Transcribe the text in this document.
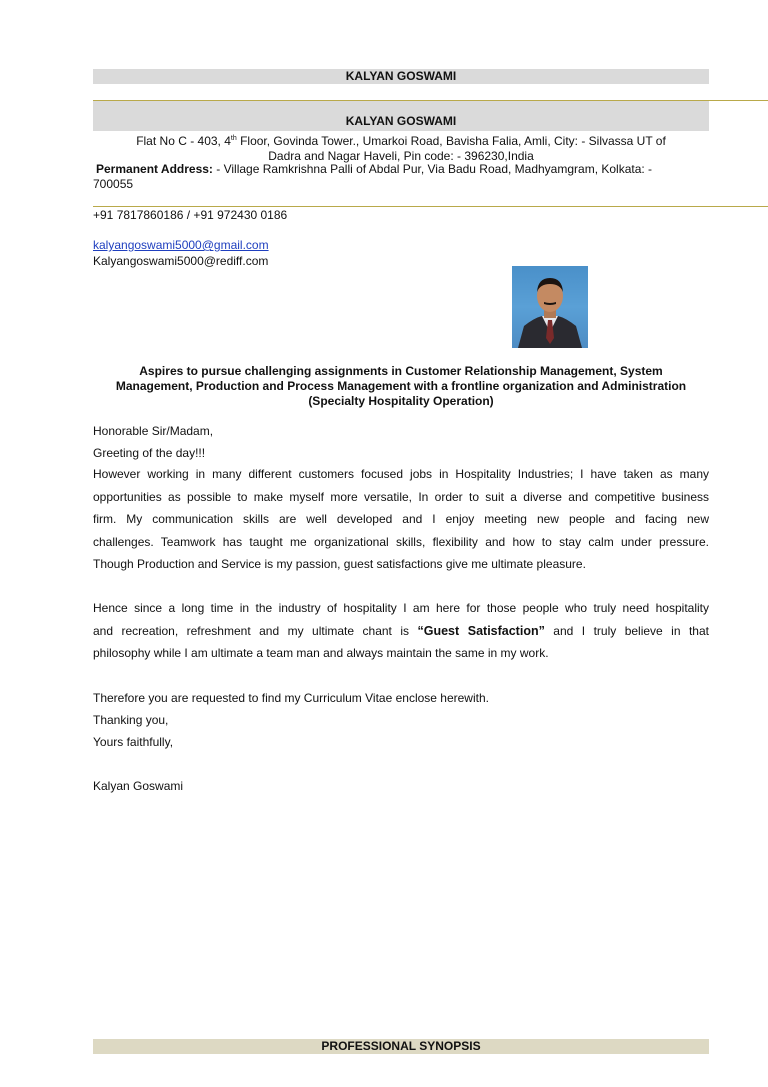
KALYAN GOSWAMI
KALYAN GOSWAMI
Flat No C - 403, 4th Floor, Govinda Tower., Umarkoi Road, Bavisha Falia, Amli, City: - Silvassa UT of
Dadra and Nagar Haveli, Pin code: - 396230,India
Permanent Address: - Village Ramkrishna Palli of Abdal Pur, Via Badu Road, Madhyamgram, Kolkata: -
700055
+91 7817860186 / +91 972430 0186
kalyangoswami5000@gmail.com
Kalyangoswami5000@rediff.com
Aspires to pursue challenging assignments in Customer Relationship Management, System
Management, Production and Process Management with a frontline organization and Administration
(Specialty Hospitality Operation)
Honorable Sir/Madam,
Greeting of the day!!!
However working in many different customers focused jobs in Hospitality Industries; I have taken as many
opportunities as possible to make myself more versatile, In order to suit a diverse and competitive business
firm. My communication skills are well developed and I enjoy meeting new people and facing new
challenges. Teamwork has taught me organizational skills, flexibility and how to stay calm under pressure.
Though Production and Service is my passion, guest satisfactions give me ultimate pleasure.
Hence since a long time in the industry of hospitality I am here for those people who truly need hospitality
and recreation, refreshment and my ultimate chant is “Guest Satisfaction” and I truly believe in that
philosophy while I am ultimate a team man and always maintain the same in my work.
Therefore you are requested to find my Curriculum Vitae enclose herewith.
Thanking you,
Yours faithfully,
Kalyan Goswami
PROFESSIONAL SYNOPSIS
